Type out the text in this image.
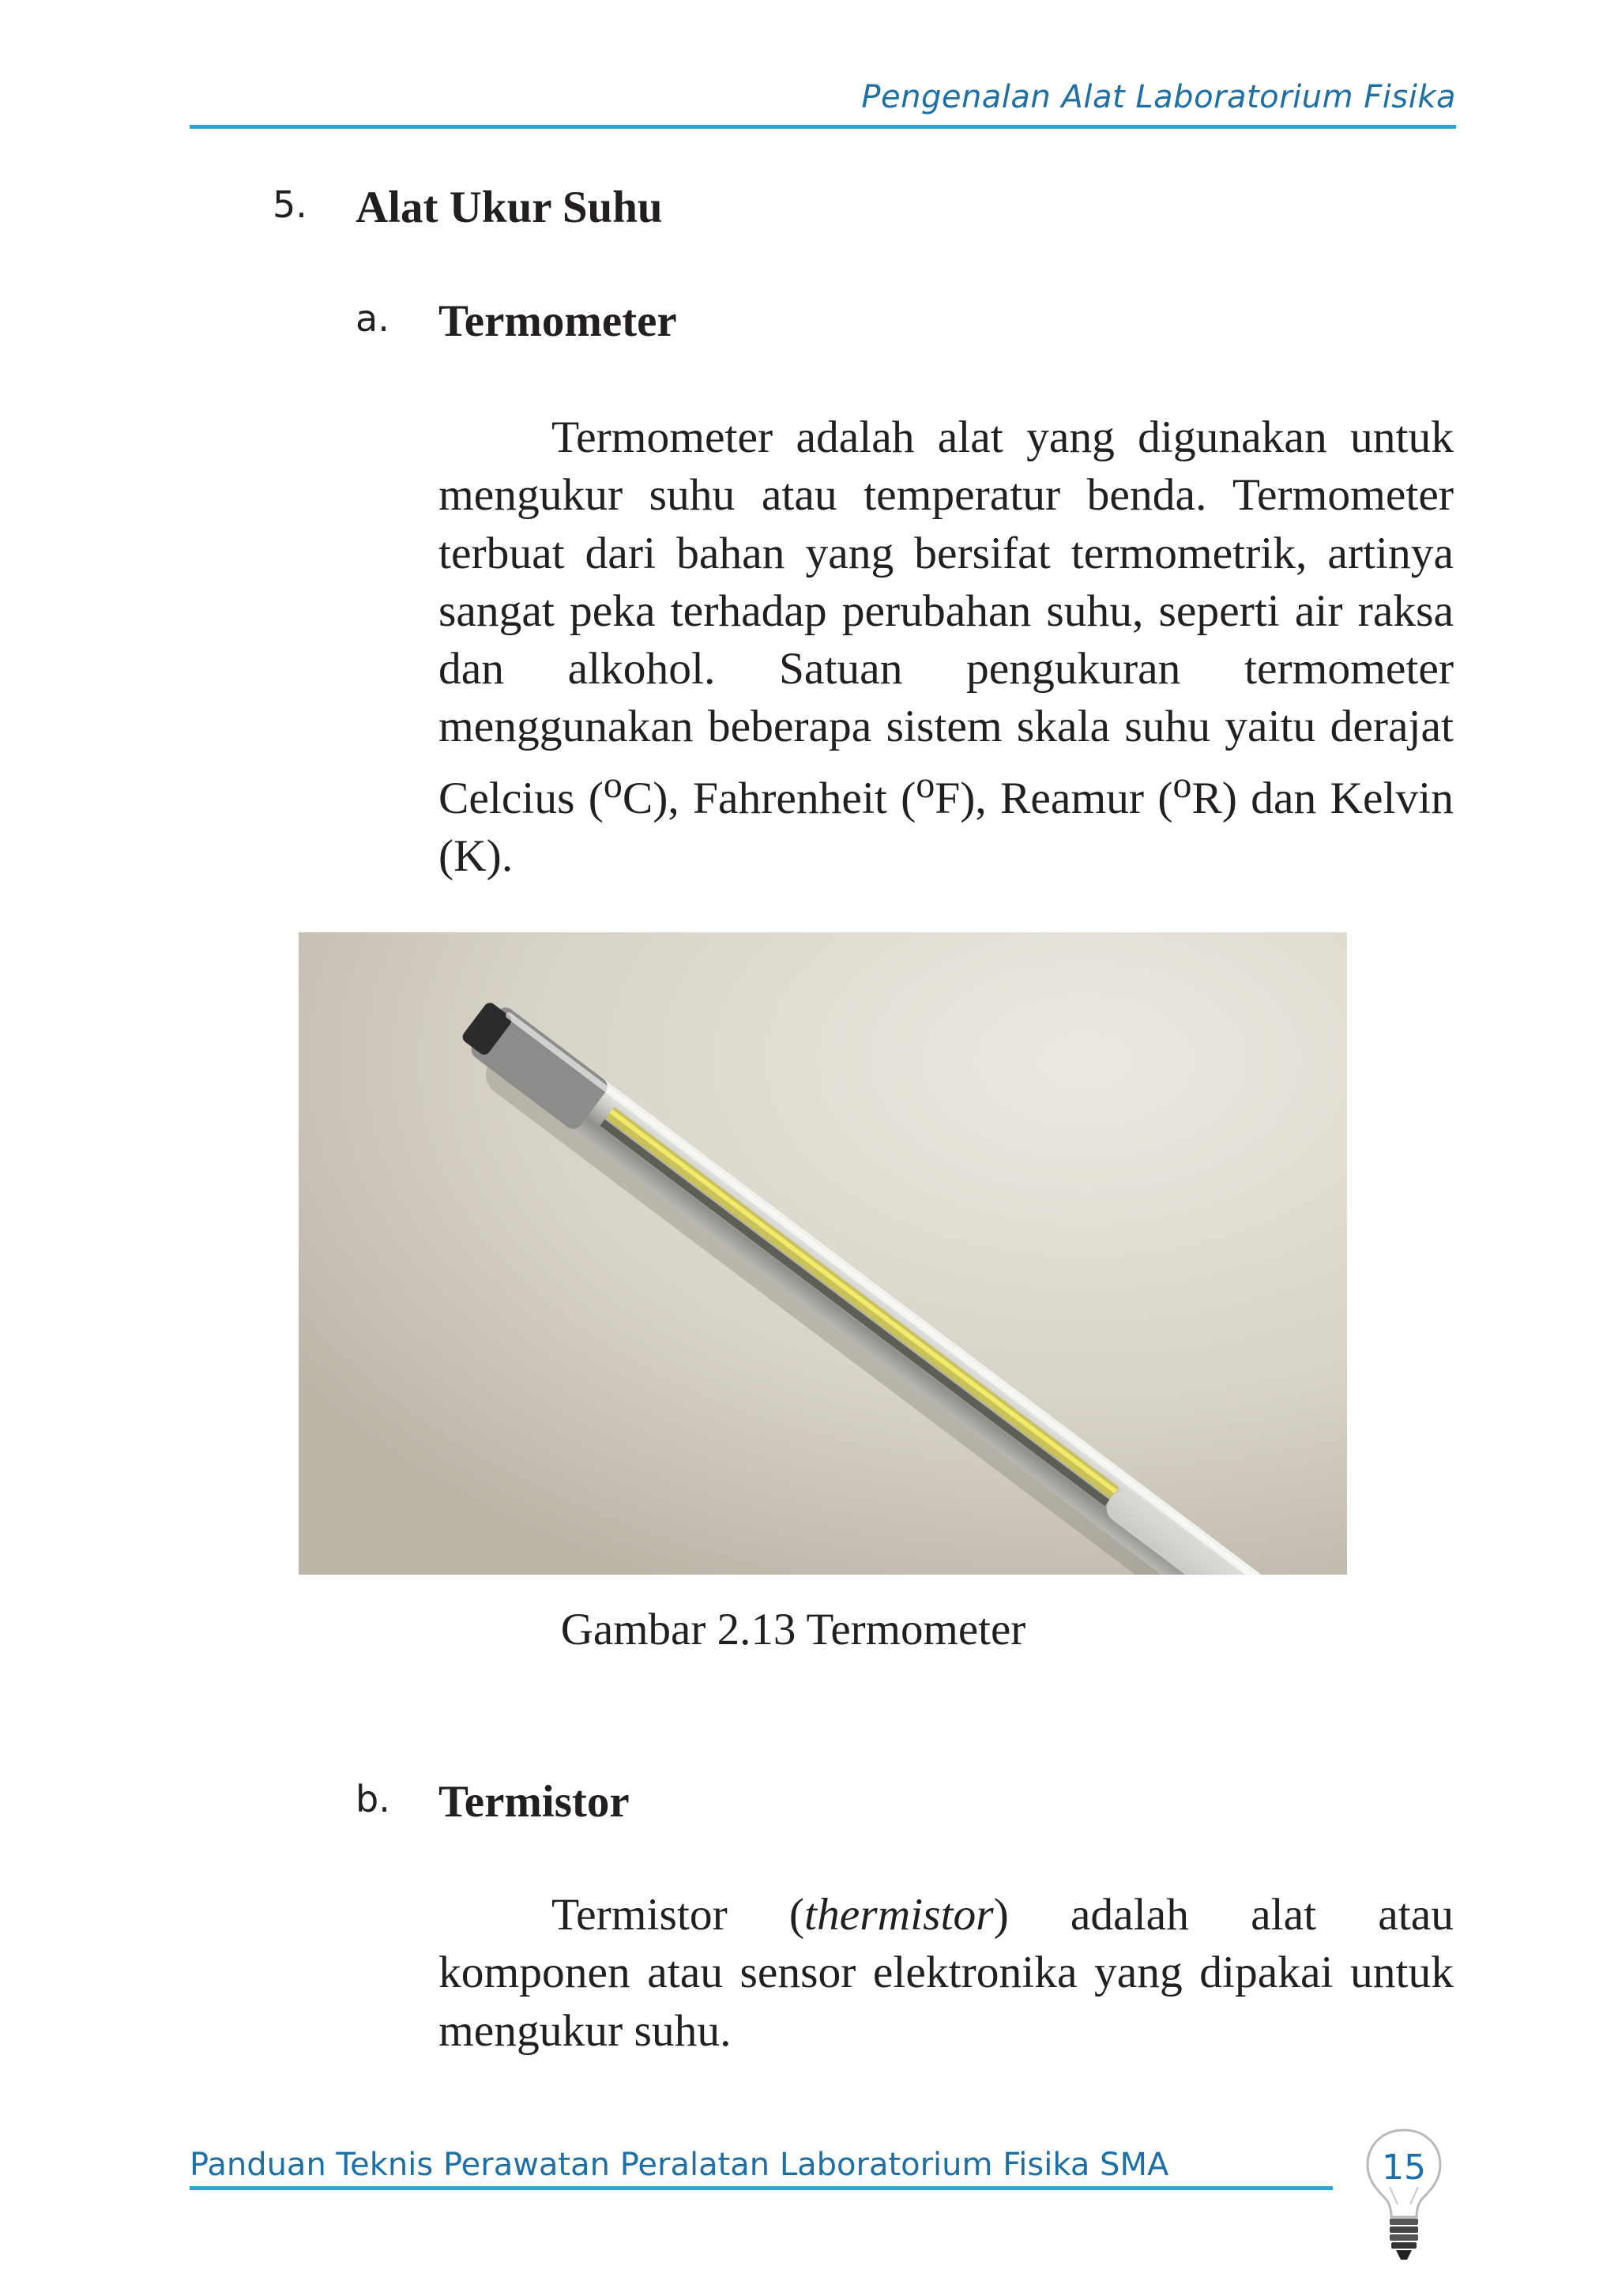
Pengenalan Alat Laboratorium Fisika
5. Alat Ukur Suhu
a. Termometer

Termometer adalah alat yang digunakan untuk mengukur suhu atau temperatur benda. Termometer terbuat dari bahan yang bersifat termometrik, artinya sangat peka terhadap perubahan suhu, seperti air raksa dan alkohol. Satuan pengukuran termometer menggunakan beberapa sistem skala suhu yaitu derajat Celcius ($^o$C), Fahrenheit ($^o$F), Reamur ($^o$R) dan Kelvin (K).

Gambar 2.13 Termometer
b. Termistor

Termistor (thermistor) adalah alat atau komponen atau sensor elektronika yang dipakai untuk mengukur suhu.

Panduan Teknis Perawatan Peralatan Laboratorium Fisika SMA	15
